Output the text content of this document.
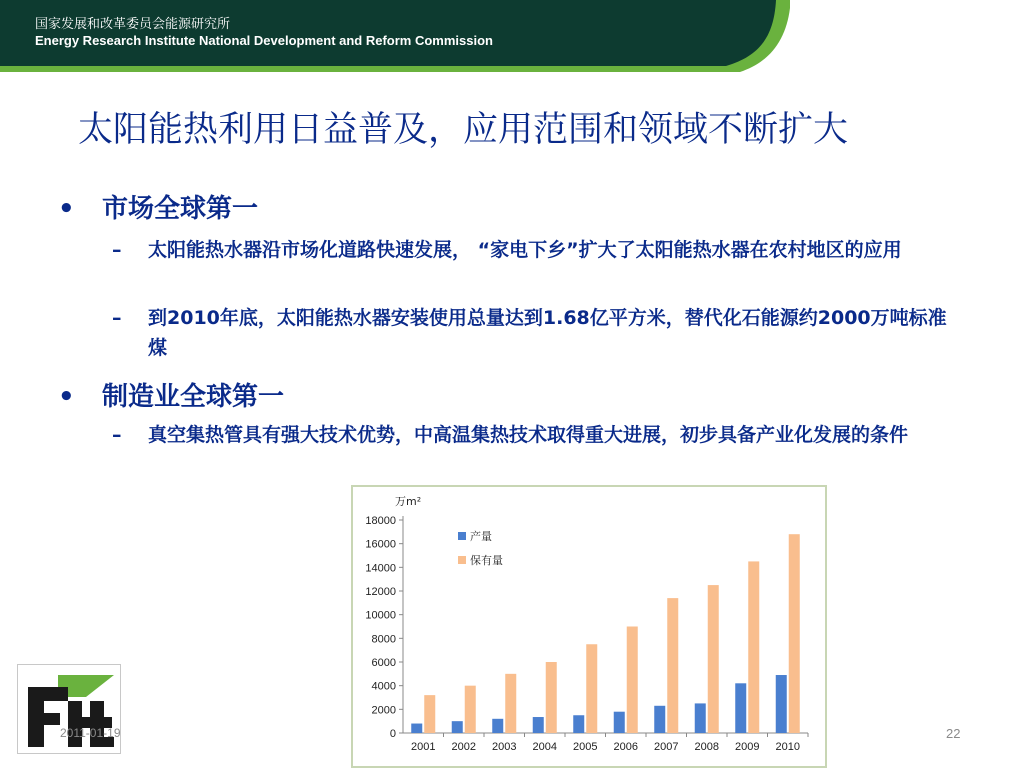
国家发展和改革委员会能源研究所
Energy Research Institute National Development and Reform Commission
太阳能热利用日益普及，应用范围和领域不断扩大
• 市场全球第一
–	太阳能热水器沿市场化道路快速发展， “家电下乡”扩大了太阳能热水器在农村地区的应用
–	到2010年底，太阳能热水器安装使用总量达到1.68亿平方米，替代化石能源约2000万吨标准煤
• 制造业全球第一
–	真空集热管具有强大技术优势，中高温集热技术取得重大进展，初步具备产业化发展的条件
万m²
0
2000
4000
6000
8000
10000
12000
14000
16000
18000
2001 2002 2003 2004 2005 2006 2007 2008 2009 2010
产量
保有量
2011-01-19	22
